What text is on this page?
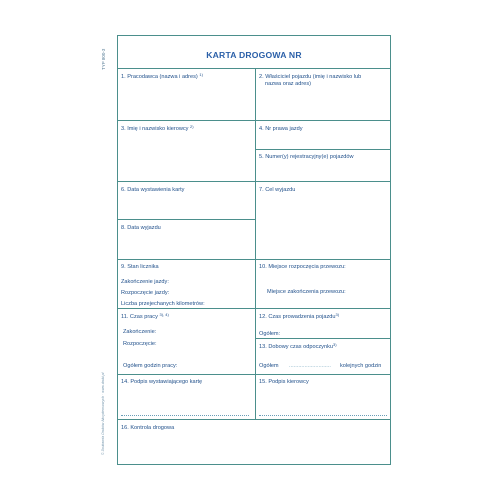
TYP 800-3
© Drukarnia Druków Akcydensowych · www.druki.pl
KARTA DROGOWA NR
1. Pracodawca (nazwa i adres) $^{1)}$	2. Właściciel pojazdu (imię i nazwisko lub
nazwa oraz adres)
3. Imię i nazwisko kierowcy $^{2)}$	4. Nr prawa jazdy
5. Numer(y) rejestracyjny(e) pojazdów
6. Data wystawienia karty	7. Cel wyjazdu
8. Data wyjazdu
9. Stan licznika
Zakończenie jazdy:
Rozpoczęcie jazdy:
Liczba przejechanych kilometrów:
10. Miejsce rozpoczęcia przewozu:
Miejsce zakończenia przewozu:
11. Czas pracy $^{3), 4)}$
Zakończenie:
Rozpoczęcie:
Ogółem godzin pracy:
12. Czas prowadzenia pojazdu$^{3)}$
Ogółem:
13. Dobowy czas odpoczynku$^{3)}$
Ogółem ........................... kolejnych godzin
14. Podpis wystawiającego kartę	15. Podpis kierowcy
16. Kontrola drogowa
